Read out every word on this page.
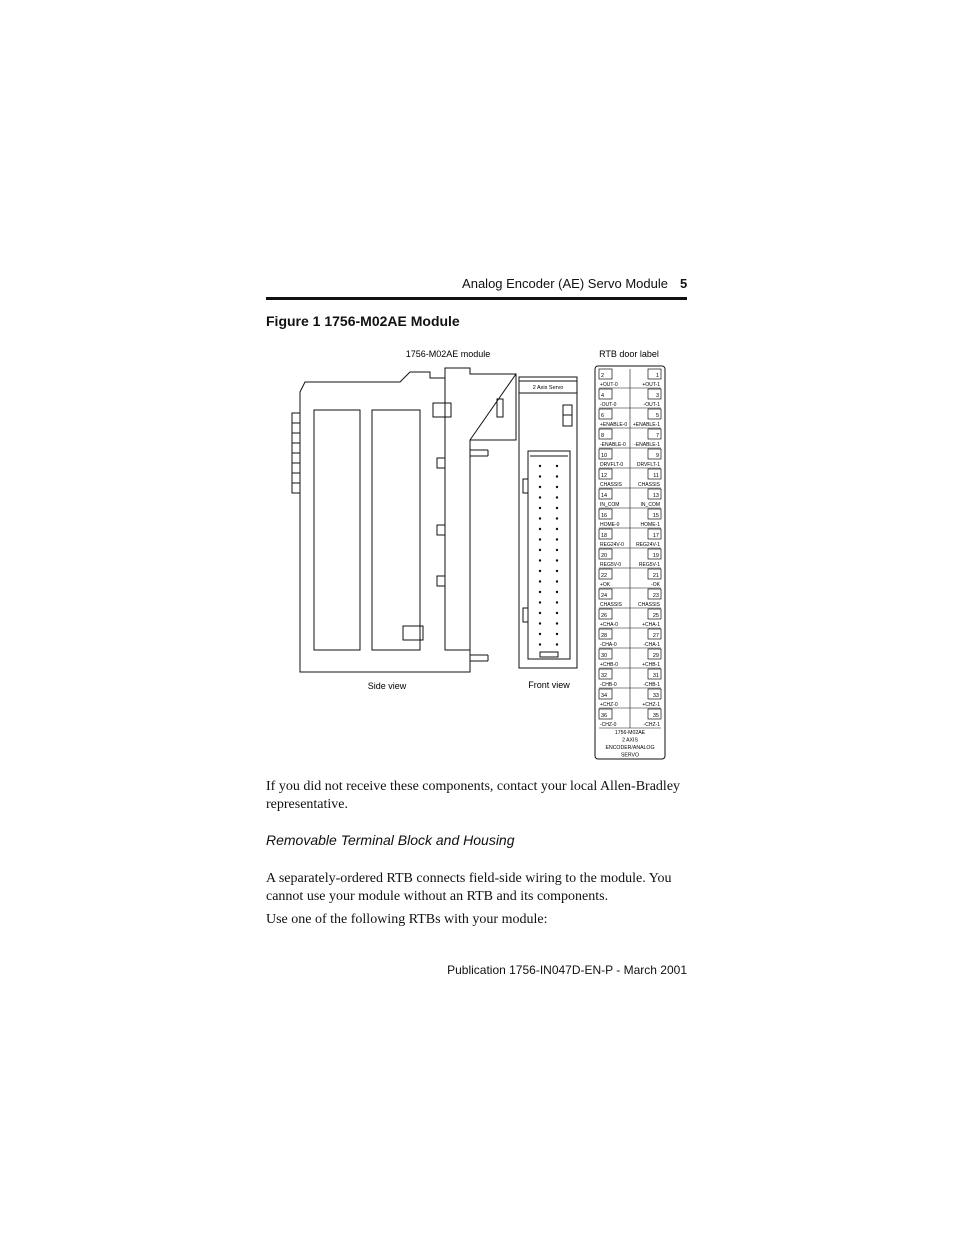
Analog Encoder (AE) Servo Module 5
Figure 1 1756-M02AE Module
1756-M02AE module	RTB door label
Side view	Front view
2 Axis Servo
2	1
+OUT-0	+OUT-1
4	3
-OUT-0	-OUT-1
6	5
+ENABLE-0 +ENABLE-1
8	7
-ENABLE-0 -ENABLE-1
10	9
DRVFLT-0	DRVFLT-1
12	11
CHASSIS	CHASSIS
14	13
IN_COM	IN_COM
16	15
HOME-0	HOME-1
18	17
REG24V-0 REG24V-1
20	19
REG5V-0	REG5V-1
22	21
+OK	-OK
24	23
CHASSIS	CHASSIS
26	25
+CHA-0	+CHA-1
28	27
-CHA-0	-CHA-1
30	29
+CHB-0	+CHB-1
32	31
-CHB-0	-CHB-1
34	33
+CHZ-0	+CHZ-1
36	35
-CHZ-0	-CHZ-1
1756-M02AE
2 AXIS
ENCODER/ANALOG
SERVO
If you did not receive these components, contact your local Allen-Bradley representative.
Removable Terminal Block and Housing
A separately-ordered RTB connects field-side wiring to the module. You cannot use your module without an RTB and its components.
Use one of the following RTBs with your module:
Publication 1756-IN047D-EN-P - March 2001
